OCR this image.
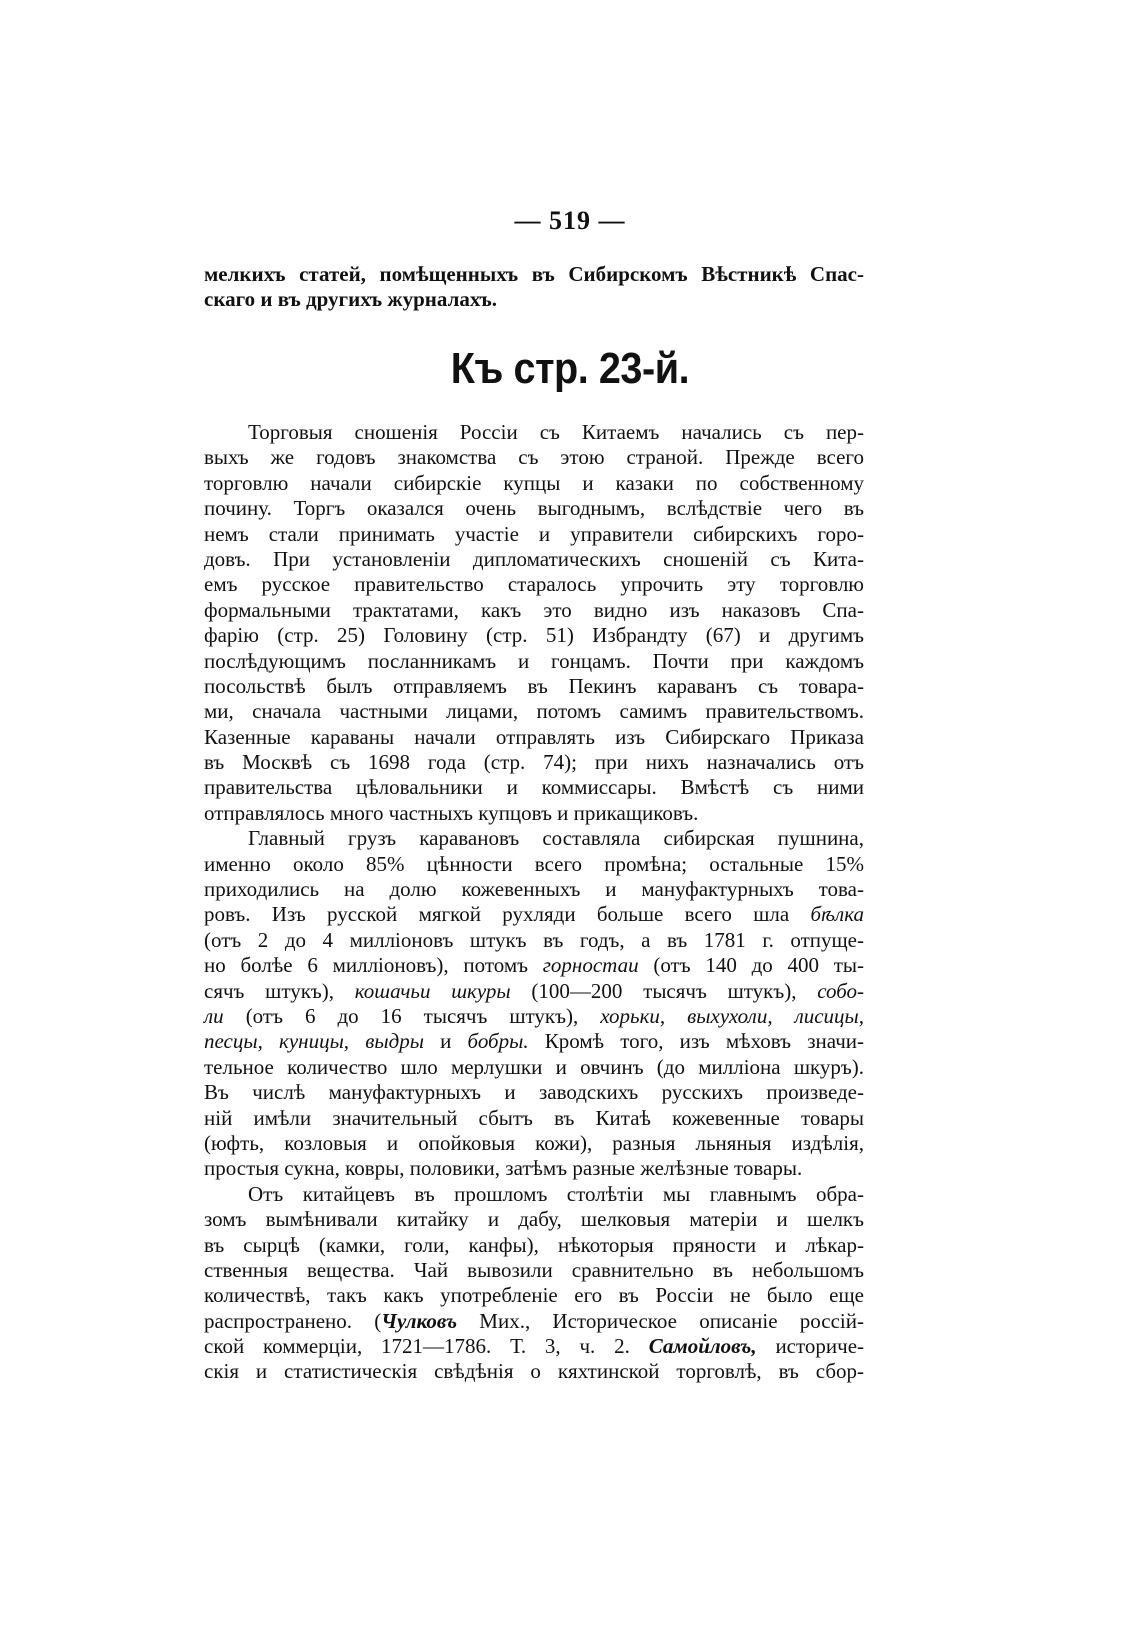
— 519 —
мелкихъ статей, помѣщенныхъ въ Сибирскомъ Вѣстникѣ Спас-
скаго и въ другихъ журналахъ.
Къ стр. 23-й.
Торговыя сношенія Россіи съ Китаемъ начались съ пер-
выхъ же годовъ знакомства съ этою страной. Прежде всего
торговлю начали сибирскіе купцы и казаки по собственному
почину. Торгъ оказался очень выгоднымъ, вслѣдствіе чего въ
немъ стали принимать участіе и управители сибирскихъ горо-
довъ. При установленіи дипломатическихъ сношеній съ Кита-
емъ русское правительство старалось упрочить эту торговлю
формальными трактатами, какъ это видно изъ наказовъ Спа-
фарію (стр. 25) Головину (стр. 51) Избрандту (67) и другимъ
послѣдующимъ посланникамъ и гонцамъ. Почти при каждомъ
посольствѣ былъ отправляемъ въ Пекинъ караванъ съ товара-
ми, сначала частными лицами, потомъ самимъ правительствомъ.
Казенные караваны начали отправлять изъ Сибирскаго Приказа
въ Москвѣ съ 1698 года (стр. 74); при нихъ назначались отъ
правительства цѣловальники и коммиссары. Вмѣстѣ съ ними
отправлялось много частныхъ купцовъ и прикащиковъ.
Главный грузъ каравановъ составляла сибирская пушнина,
именно около 85% цѣнности всего промѣна; остальные 15%
приходились на долю кожевенныхъ и мануфактурныхъ това-
ровъ. Изъ русской мягкой рухляди больше всего шла бѣлка
(отъ 2 до 4 милліоновъ штукъ въ годъ, а въ 1781 г. отпуще-
но болѣе 6 милліоновъ), потомъ горностаи (отъ 140 до 400 ты-
сячъ штукъ), кошачьи шкуры (100—200 тысячъ штукъ), собо-
ли (отъ 6 до 16 тысячъ штукъ), хорьки, выхухоли, лисицы,
песцы, куницы, выдры и бобры. Кромѣ того, изъ мѣховъ значи-
тельное количество шло мерлушки и овчинъ (до милліона шкуръ).
Въ числѣ мануфактурныхъ и заводскихъ русскихъ произведе-
ній имѣли значительный сбытъ въ Китаѣ кожевенные товары
(юфть, козловыя и опойковыя кожи), разныя льняныя издѣлія,
простыя сукна, ковры, половики, затѣмъ разные желѣзные товары.
Отъ китайцевъ въ прошломъ столѣтіи мы главнымъ обра-
зомъ вымѣнивали китайку и дабу, шелковыя матеріи и шелкъ
въ сырцѣ (камки, голи, канфы), нѣкоторыя пряности и лѣкар-
ственныя вещества. Чай вывозили сравнительно въ небольшомъ
количествѣ, такъ какъ употребленіе его въ Россіи не было еще
распространено. (Чулковъ Мих., Историческое описаніе россій-
ской коммерціи, 1721—1786. Т. 3, ч. 2. Самойловъ, историче-
скія и статистическія свѣдѣнія о кяхтинской торговлѣ, въ сбор-
